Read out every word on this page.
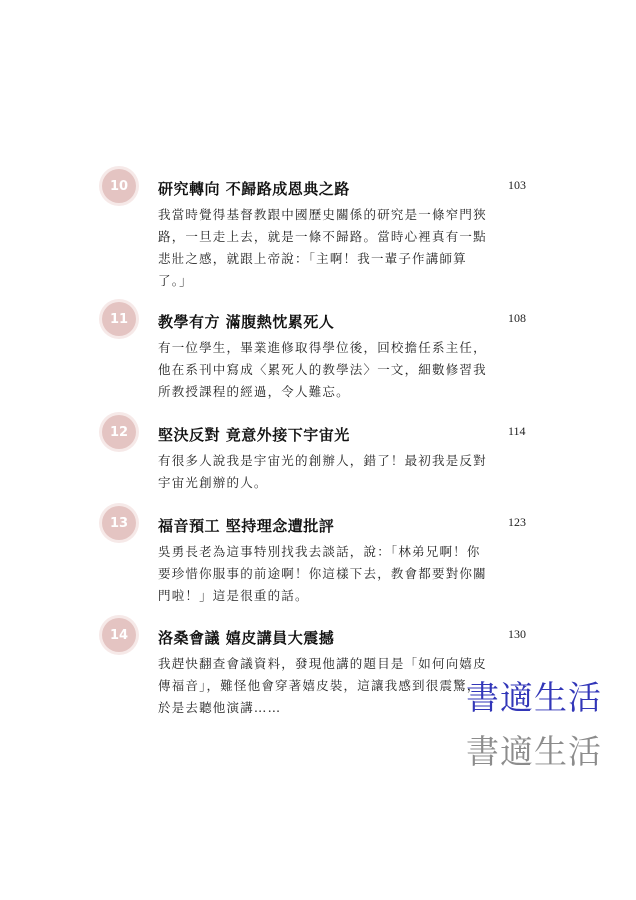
10	研究轉向 不歸路成恩典之路	103
我當時覺得基督教跟中國歷史關係的研究是一條窄門狹
路，一旦走上去，就是一條不歸路。當時心裡真有一點
悲壯之感，就跟上帝說：「主啊！我一輩子作講師算
了。」
11	教學有方 滿腹熱忱累死人	108
有一位學生，畢業進修取得學位後，回校擔任系主任，
他在系刊中寫成〈累死人的教學法〉一文，細數修習我
所教授課程的經過，令人難忘。
12	堅決反對 竟意外接下宇宙光	114
有很多人說我是宇宙光的創辦人，錯了！最初我是反對
宇宙光創辦的人。
13	福音預工 堅持理念遭批評	123
吳勇長老為這事特別找我去談話，說：「林弟兄啊！你
要珍惜你服事的前途啊！你這樣下去，教會都要對你關
門啦！」這是很重的話。
14	洛桑會議 嬉皮講員大震撼	130
我趕快翻查會議資料，發現他講的題目是「如何向嬉皮
傳福音」，難怪他會穿著嬉皮裝，這讓我感到很震驚，
於是去聽他演講……	書適生活
書適生活
